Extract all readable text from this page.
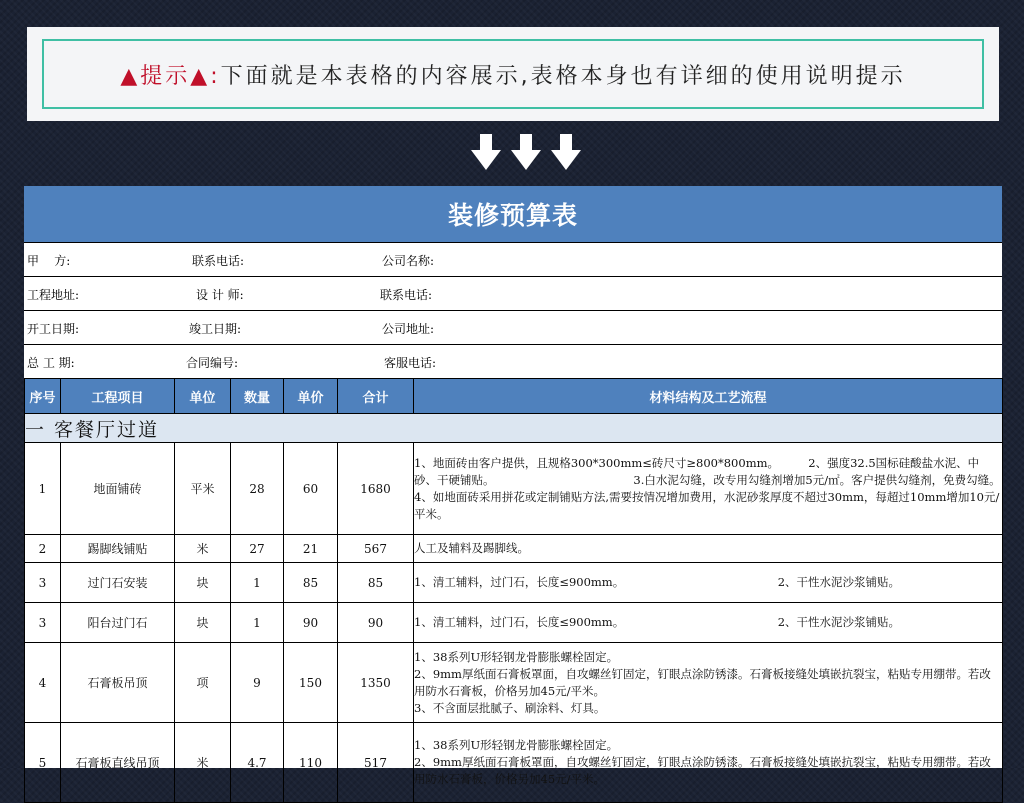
▲提示▲: 下面就是本表格的内容展示,表格本身也有详细的使用说明提示
装修预算表
甲    方:	联系电话:	公司名称:
工程地址:	设 计 师:	联系电话:
开工日期:	竣工日期:	公司地址:
总 工 期:	合同编号:	客服电话:
序号	工程项目	单位	数量	单价	合计	材料结构及工艺流程
一 客餐厅过道						
1	地面铺砖	平米	28	60	1680	1、地面砖由客户提供，且规格300*300mm≤砖尺寸≥800*800mm。        2、强度32.5国标硅酸盐水泥、中砂、干硬铺贴。                                      3.白水泥勾缝，改专用勾缝剂增加5元/㎡。客户提供勾缝剂，免费勾缝。
4、如地面砖采用拼花或定制铺贴方法,需要按情况增加费用，水泥砂浆厚度不超过30mm，每超过10mm增加10元/平米。
2	踢脚线铺贴	米	27	21	567	人工及辅料及踢脚线。
3	过门石安装	块	1	85	85	1、清工辅料，过门石，长度≤900mm。                                          2、干性水泥沙浆铺贴。
3	阳台过门石	块	1	90	90	1、清工辅料，过门石，长度≤900mm。                                          2、干性水泥沙浆铺贴。
4	石膏板吊顶	项	9	150	1350	1、38系列U形轻钢龙骨膨胀螺栓固定。
2、9mm厚纸面石膏板罩面，自攻螺丝钉固定，钉眼点涂防锈漆。石膏板接缝处填嵌抗裂宝，粘贴专用绷带。若改用防水石膏板，价格另加45元/平米。
3、不含面层批腻子、刷涂料、灯具。
5	石膏板直线吊顶	米	4.7	110	517	1、38系列U形轻钢龙骨膨胀螺栓固定。
2、9mm厚纸面石膏板罩面，自攻螺丝钉固定，钉眼点涂防锈漆。石膏板接缝处填嵌抗裂宝，粘贴专用绷带。若改用防水石膏板，价格另加45元/平米。
